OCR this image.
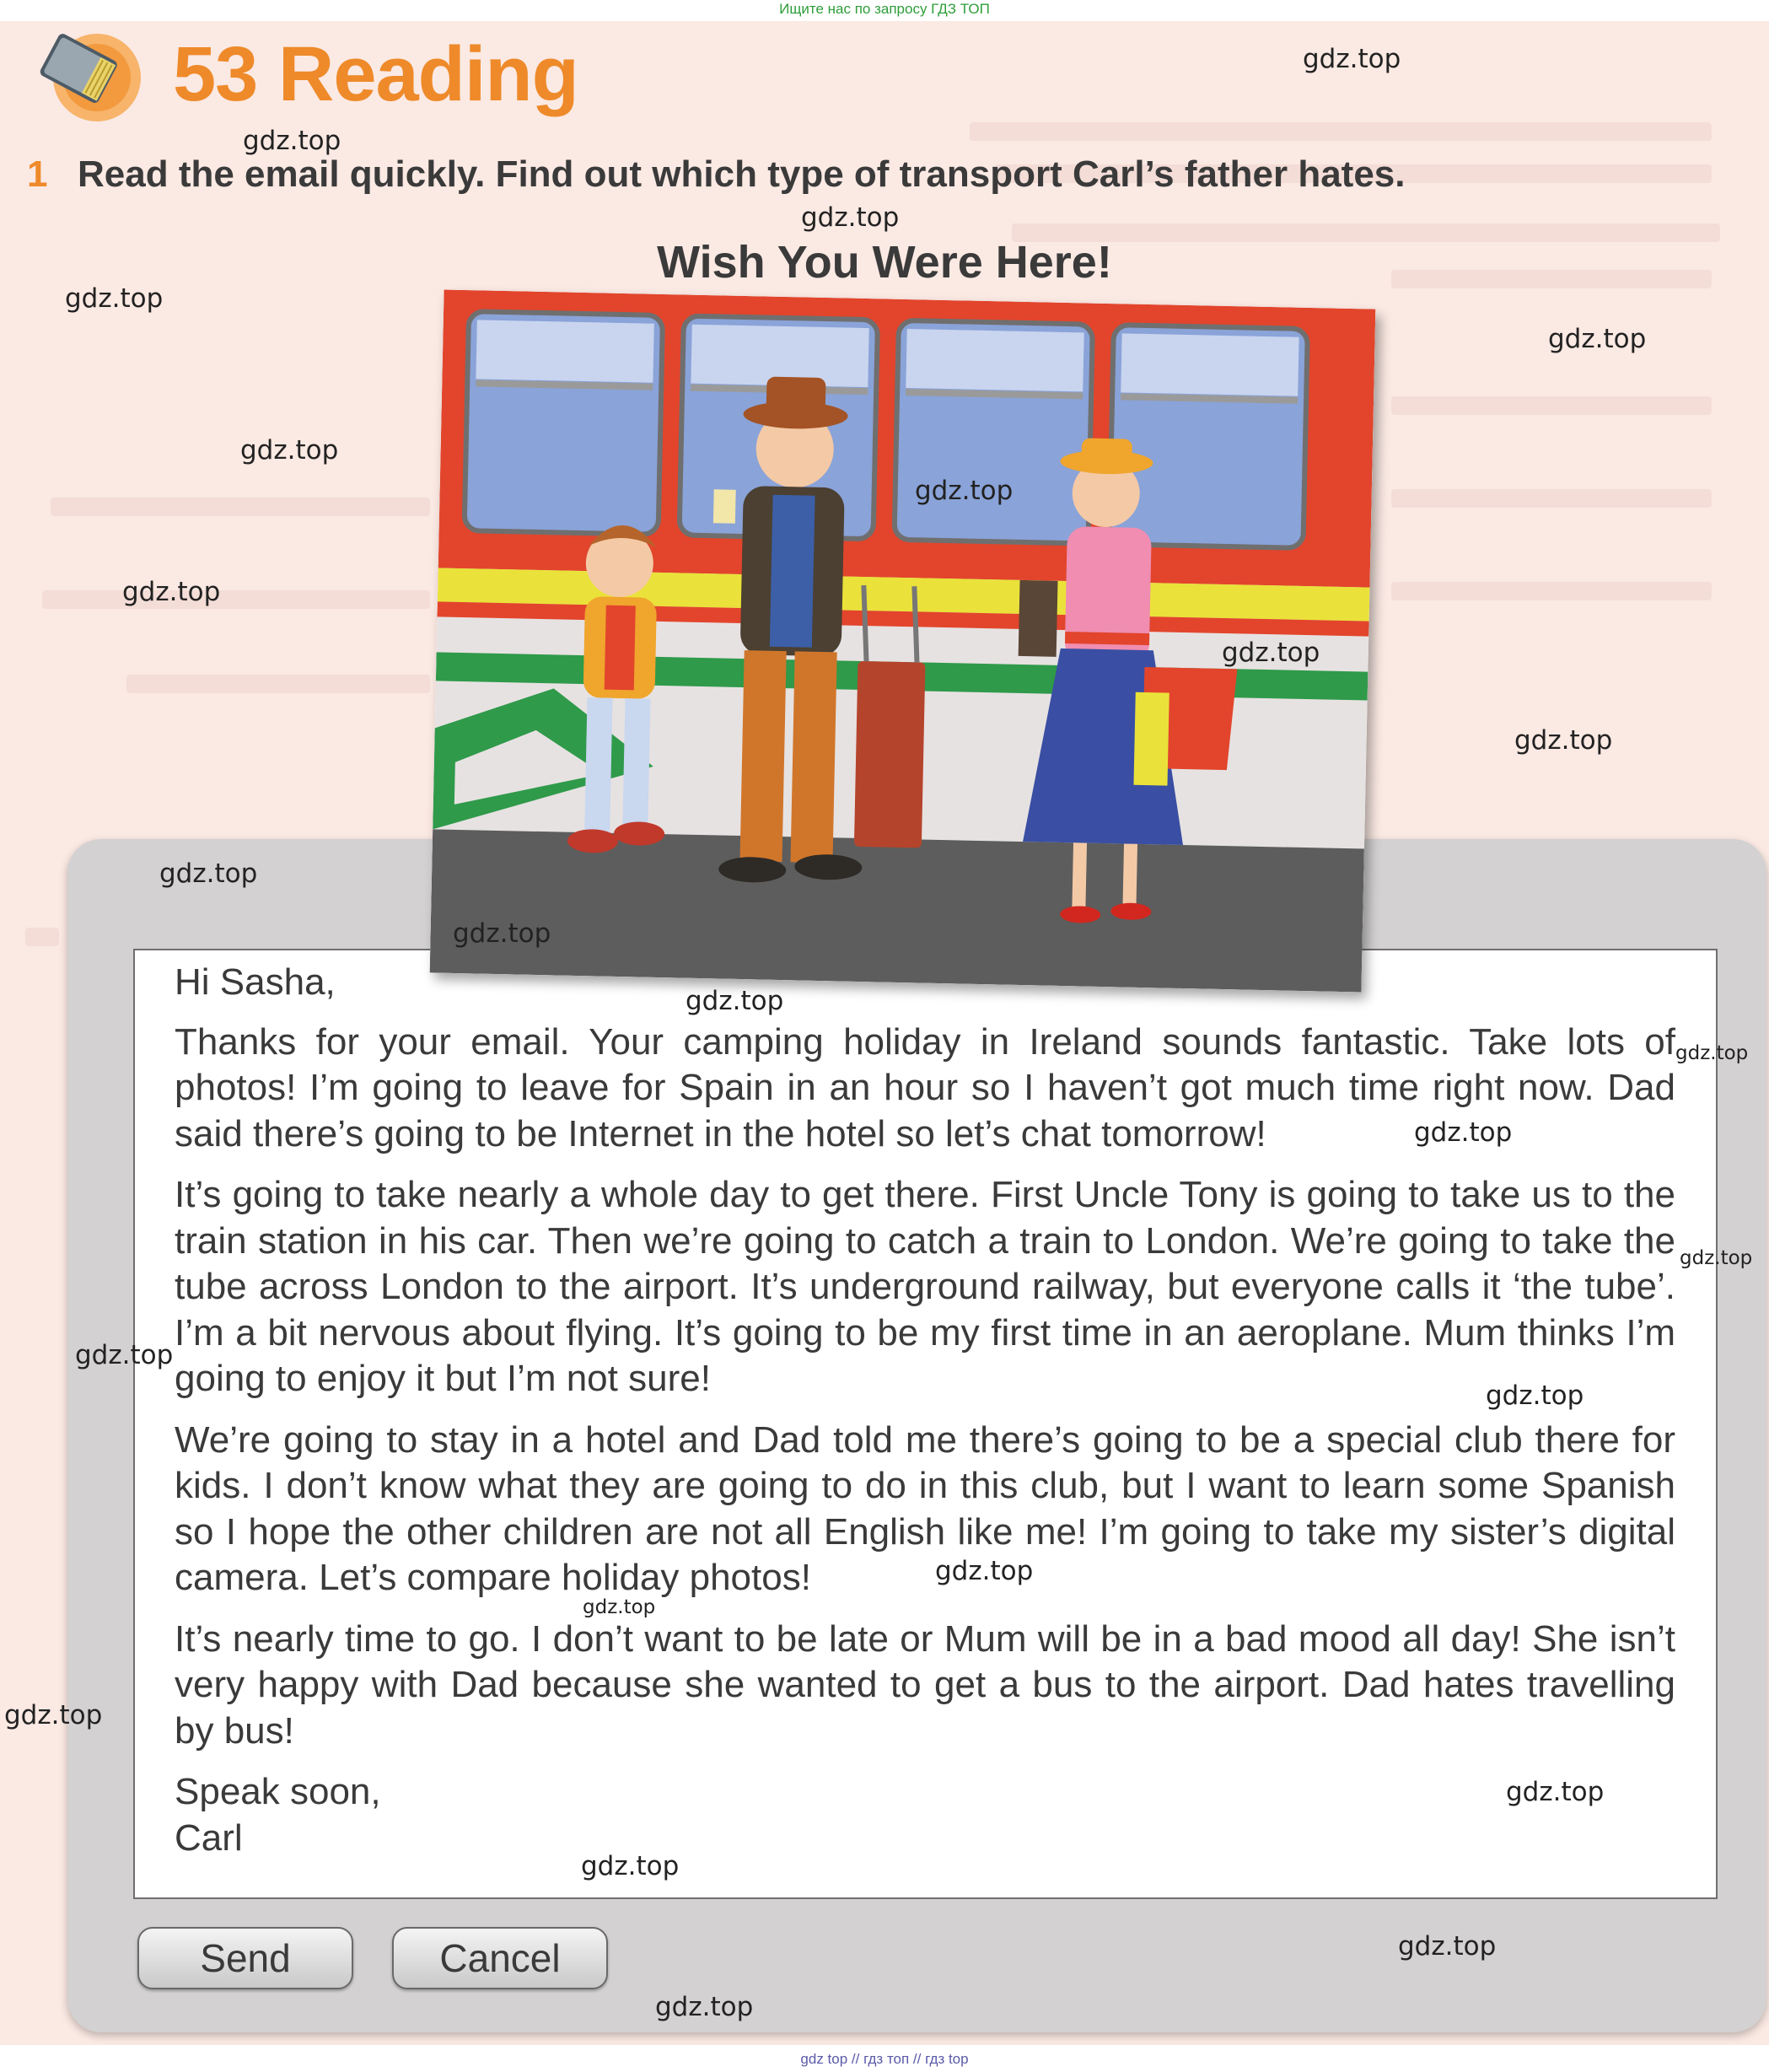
Ищите нас по запросу ГДЗ ТОП
53 Reading
1 Read the email quickly. Find out which type of transport Carl’s father hates.
Wish You Were Here!

Hi Sasha,

Thanks for your email. Your camping holiday in Ireland sounds fantastic. Take lots of photos! I’m going to leave for Spain in an hour so I haven’t got much time right now. Dad said there’s going to be Internet in the hotel so let’s chat tomorrow!

It’s going to take nearly a whole day to get there. First Uncle Tony is going to take us to the train station in his car. Then we’re going to catch a train to London. We’re going to take the tube across London to the airport. It’s underground railway, but everyone calls it ‘the tube’. I’m a bit nervous about flying. It’s going to be my first time in an aeroplane. Mum thinks I’m going to enjoy it but I’m not sure!

We’re going to stay in a hotel and Dad told me there’s going to be a special club there for kids. I don’t know what they are going to do in this club, but I want to learn some Spanish so I hope the other children are not all English like me! I’m going to take my sister’s digital camera. Let’s compare holiday photos!

It’s nearly time to go. I don’t want to be late or Mum will be in a bad mood all day! She isn’t very happy with Dad because she wanted to get a bus to the airport. Dad hates travelling by bus!

Speak soon,

Carl

Send	Cancel
gdz.top
gdz.top
gdz.top
gdz.top
gdz.top
gdz.top
gdz.top
gdz.top
gdz.top
gdz.top
gdz.top
gdz.top
gdz.top
gdz.top
gdz.top
gdz.top
gdz.top
gdz.top
gdz.top
gdz.top
gdz.top
gdz.top
gdz.top
gdz.top
gdz.top
gdz top // гдз топ // гдз top
